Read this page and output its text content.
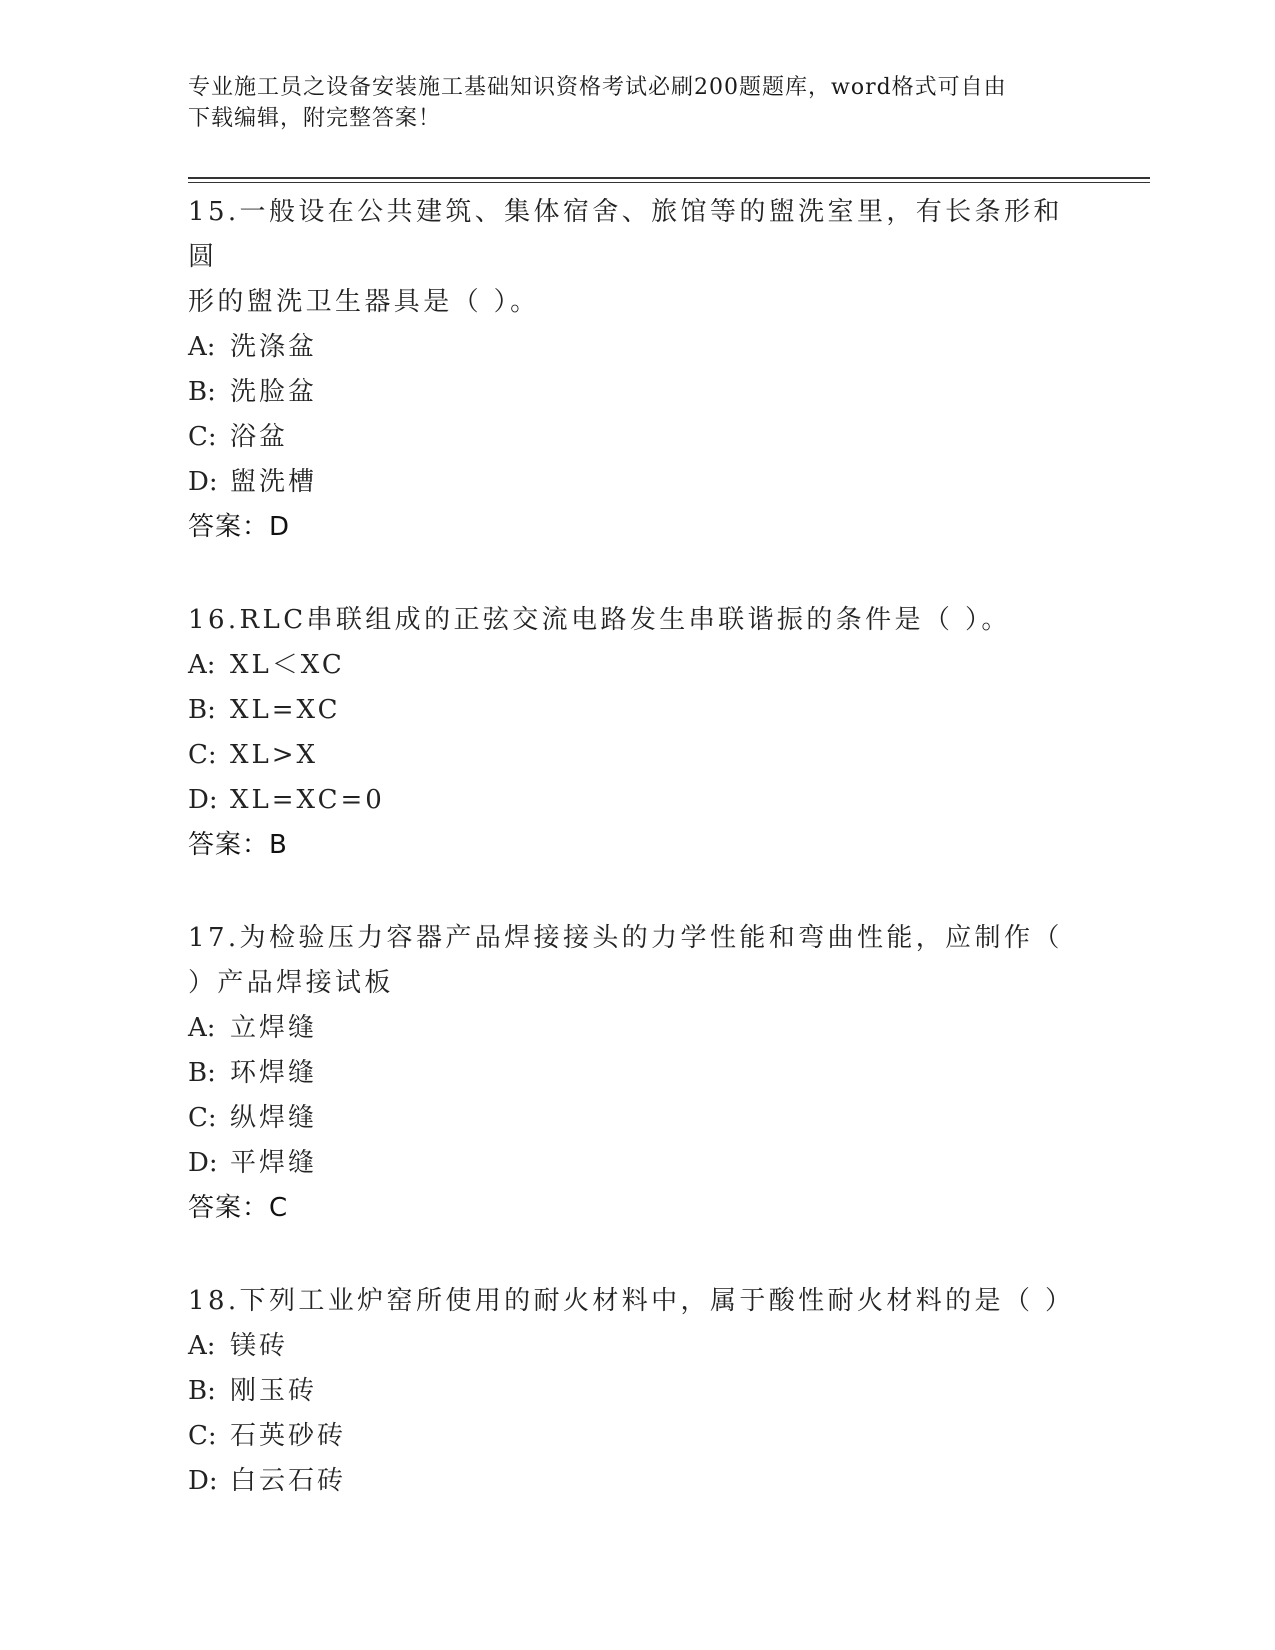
专业施工员之设备安装施工基础知识资格考试必刷200题题库，word格式可自由
下载编辑，附完整答案！

15.一般设在公共建筑、集体宿舍、旅馆等的盥洗室里，有长条形和圆

形的盥洗卫生器具是（ ）。

A: 洗涤盆

B: 洗脸盆

C: 浴盆

D: 盥洗槽

答案：D

16.RLC串联组成的正弦交流电路发生串联谐振的条件是（ ）。

A: XL＜XC

B: XL=XC

C: XL>X

D: XL=XC=0

答案：B

17.为检验压力容器产品焊接接头的力学性能和弯曲性能，应制作（

）产品焊接试板

A: 立焊缝

B: 环焊缝

C: 纵焊缝

D: 平焊缝

答案：C

18.下列工业炉窑所使用的耐火材料中，属于酸性耐火材料的是（ ）

A: 镁砖

B: 刚玉砖

C: 石英砂砖

D: 白云石砖
